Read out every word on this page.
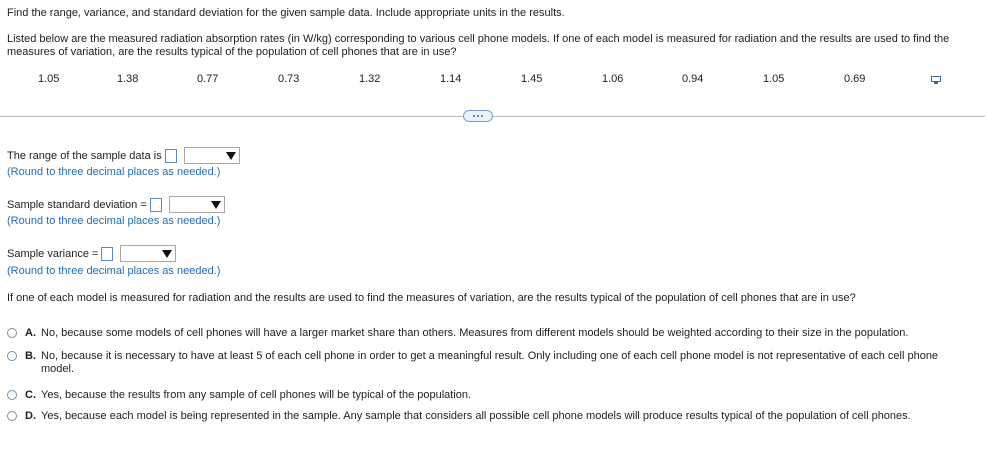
Find the range, variance, and standard deviation for the given sample data. Include appropriate units in the results.
Listed below are the measured radiation absorption rates (in W/kg) corresponding to various cell phone models. If one of each model is measured for radiation and the results are used to find the measures of variation, are the results typical of the population of cell phones that are in use?
1.05	1.38	0.77	0.73	1.32	1.14	1.45	1.06	0.94	1.05	0.69
The range of the sample data is
(Round to three decimal places as needed.)
Sample standard deviation =
(Round to three decimal places as needed.)
Sample variance =
(Round to three decimal places as needed.)
If one of each model is measured for radiation and the results are used to find the measures of variation, are the results typical of the population of cell phones that are in use?
A. No, because some models of cell phones will have a larger market share than others. Measures from different models should be weighted according to their size in the population.
B. No, because it is necessary to have at least 5 of each cell phone in order to get a meaningful result. Only including one of each cell phone model is not representative of each cell phone model.
C. Yes, because the results from any sample of cell phones will be typical of the population.
D. Yes, because each model is being represented in the sample. Any sample that considers all possible cell phone models will produce results typical of the population of cell phones.
